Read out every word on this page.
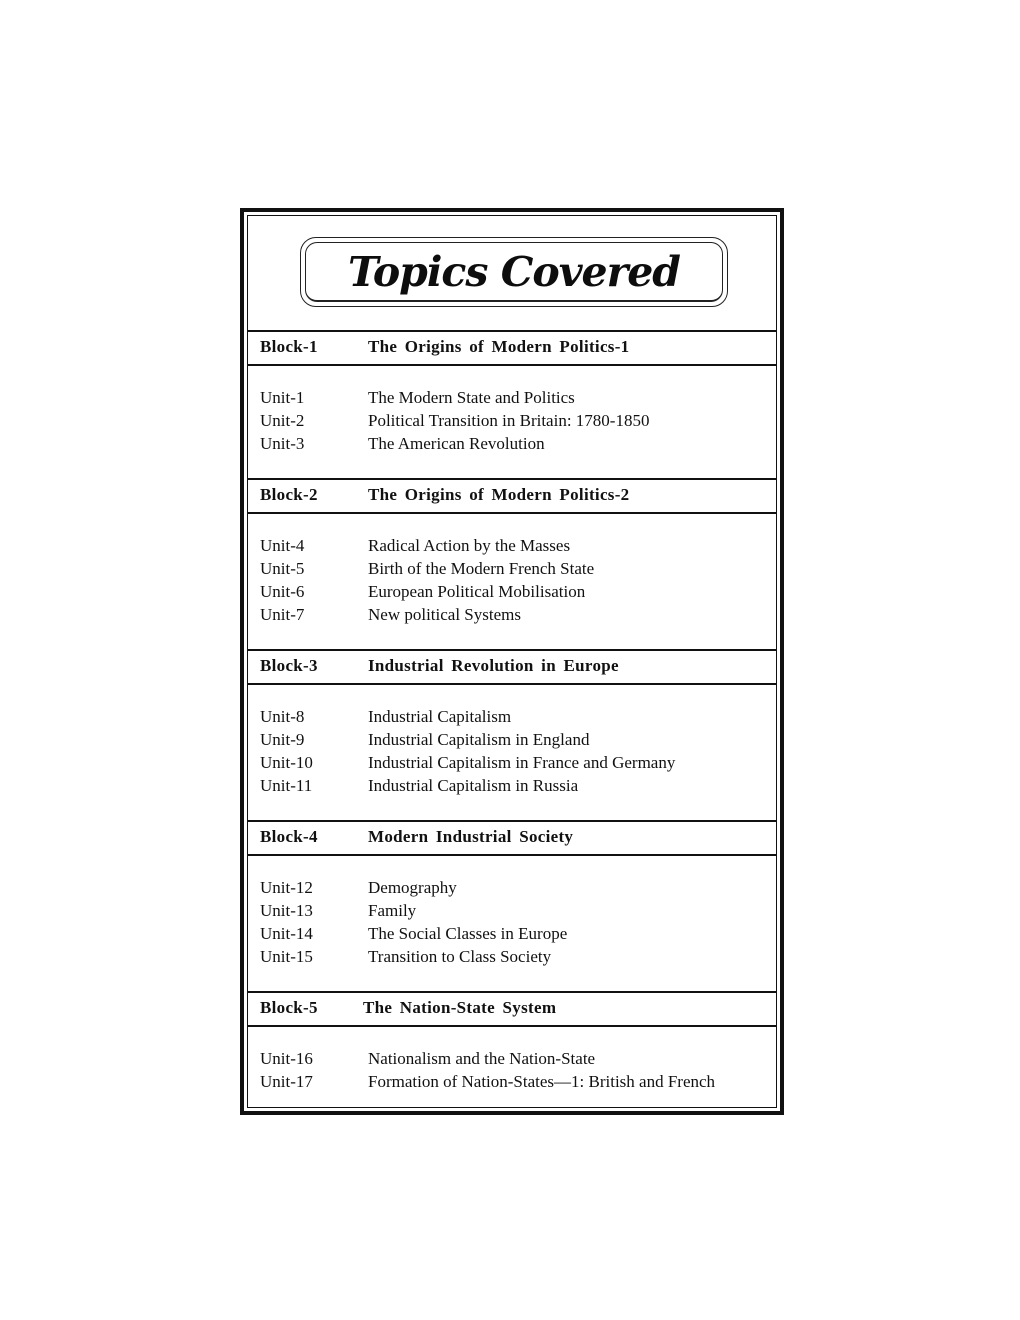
Topics Covered
Block-1	The Origins of Modern Politics-1
Unit-1	The Modern State and Politics
Unit-2	Political Transition in Britain: 1780-1850
Unit-3	The American Revolution
Block-2	The Origins of Modern Politics-2
Unit-4	Radical Action by the Masses
Unit-5	Birth of the Modern French State
Unit-6	European Political Mobilisation
Unit-7	New political Systems
Block-3	Industrial Revolution in Europe
Unit-8	Industrial Capitalism
Unit-9	Industrial Capitalism in England
Unit-10	Industrial Capitalism in France and Germany
Unit-11	Industrial Capitalism in Russia
Block-4	Modern Industrial Society
Unit-12	Demography
Unit-13	Family
Unit-14	The Social Classes in Europe
Unit-15	Transition to Class Society
Block-5	The Nation-State System
Unit-16	Nationalism and the Nation-State
Unit-17	Formation of Nation-States—1: British and French
